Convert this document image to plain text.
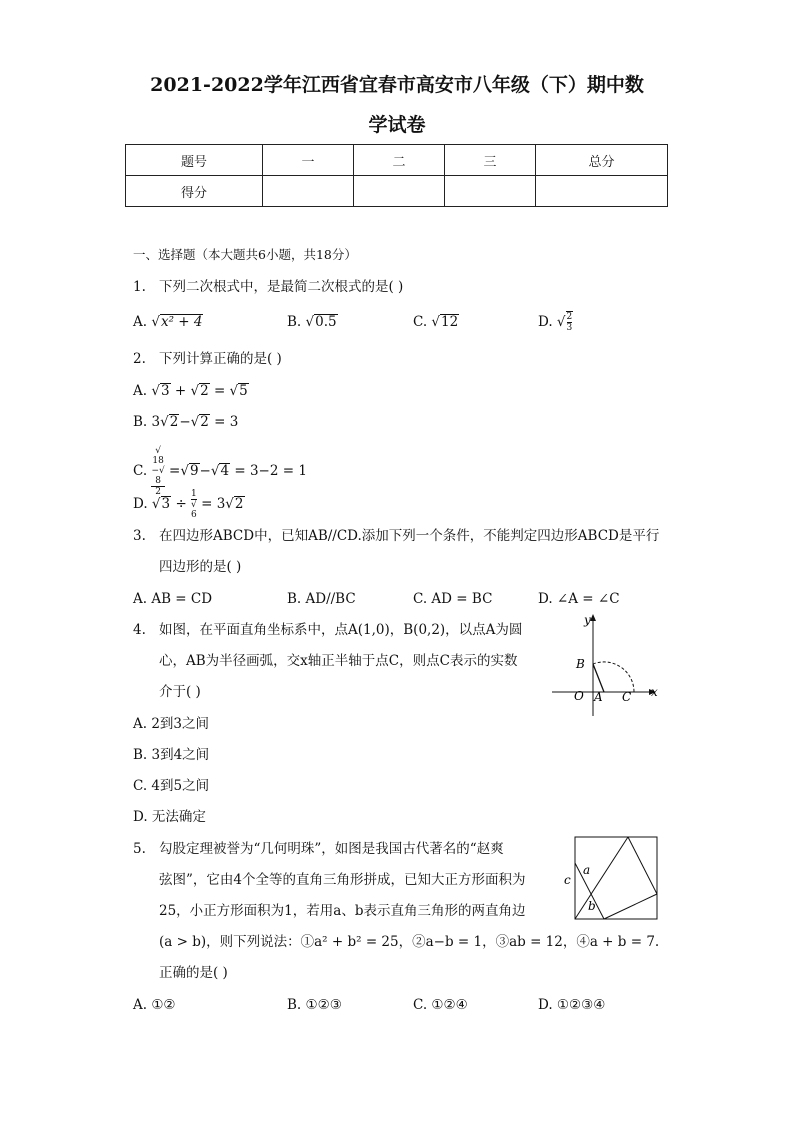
2021-2022学年江西省宜春市高安市八年级（下）期中数
学试卷
题号	一	二	三	总分
得分				
一、选择题（本大题共6小题，共18分）
1. 下列二次根式中，是最简二次根式的是( )
A. √x² + 4	B. √0.5	C. √12	D. √ $\frac{2}{3}$
2. 下列计算正确的是( )
A. √3 + √2 = √5
B. 3√2−√2 = 3
C. √
18
−√
8
2 =√9−√4 = 3−2 = 1
D. √3 ÷ 1
√
6 = 3√2
3. 在四边形ABCD中，已知AB//CD.添加下列一个条件，不能判定四边形ABCD是平行
四边形的是( )
A. AB = CD	B. AD//BC	C. AD = BC	D. ∠A = ∠C
4. 如图，在平面直角坐标系中，点A(1,0)，B(0,2)，以点A为圆
心，AB为半径画弧，交x轴正半轴于点C，则点C表示的实数
介于( )
A. 2到3之间
B. 3到4之间
C. 4到5之间
D. 无法确定
y
x
B
O A C
5. 勾股定理被誉为“几何明珠”，如图是我国古代著名的“赵爽
弦图”，它由4个全等的直角三角形拼成，已知大正方形面积为
25，小正方形面积为1，若用a、b表示直角三角形的两直角边
(a > b)，则下列说法：①a² + b² = 25，②a−b = 1，③ab = 12，④a + b = 7.
正确的是( )
A. ①②	B. ①②③	C. ①②④	D. ①②③④
c
a
b
